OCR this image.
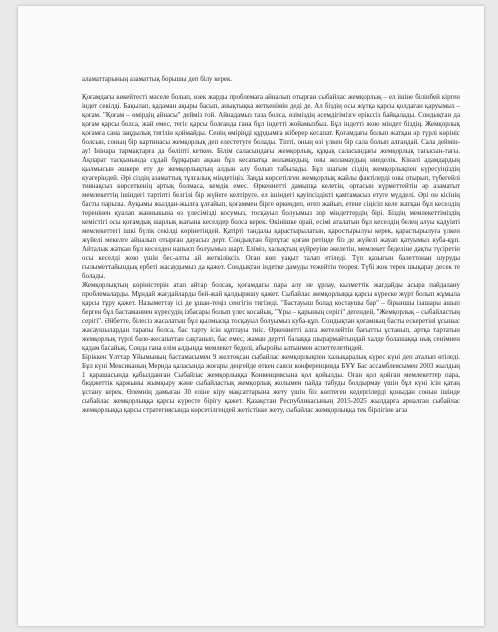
аламаттарының азаматтық борышы деп білу керек.

Қоғамдағы көкейтесті мәселе болып, өзек жарды проблемаға айналып отырған сыбайлас жемқорлық – ел ішіне білінбей кірген індет секілді. Бақылап, қадаман ақыры басып, анықтықка жеткенімін деді де. Ал біздің осы жұтқа қарсы қолдаған қаруымыз – қоғам. "Қоғам – өмірдің айнасы" дейміз гой. Айнадамыз таза болса, өзіміздің әсемдігімізге ерікссіз байқалады. Сондықтан да қоғам қарсы болса, жай емес, тегіс қарсы болғанда ғана бұл індетті жойамызбыз. Бұл індетті жою міндет біздің. Жемқорлық қоғамға сана заңдылық тигізін қоймайды. Сенің өміріңді құрдымға жіберер кесапат. Қоғамдағы болып жатқан әр түрлі көрініс болсын, соның бір картинасы жемқорлық деп елестетуге болады. Тіпті, оның өзі үлкен бір сала болып алғандай. Сала деймін-ау! Інінара тармақтарға да бөліпті кеткен. Білім саласындағы жемқорлық, құқық саласындағы жемқорлық тағысын-тағы. Ақпарат тасқынында сұдай бұрқырап ақкан бұл кесапатқа жоламаудың, оны жоламаудың ниеделік. Кінәлі адамдардың қылмысын әшкере ету де жемқорлықтың алдын алу болып табылады. Бұл шағым сіздің жемқорлықпен күресуіңіздің куәгеріндей. Әрі сіздің азаматтық тұлғалық міндетіңіз. Заңда көрсетілген жемқорлық жайлы фактілерді оны отырып, түбегейлі тиянақсыз көрсеткенің артық болмаса, кемдік емес. Өркениетті дамыпқа келетін, ортасын күрметтейтін әр азаматыт мемлекеттің ішіндегі тәртіпті белгілі бір жүйеге келтіруге, ел ішіндегі қауіпсіздікті қамтамасыз етуге мүдделі. Әрі он кісінің басты парызы. Ауқымы жылдан-жылға ұлғайып, қоғаммен бірге өркендеп, өтеп жайып, етене сіңісіп келе жатқан бұл кеселдің теренінен қуалап жанныкына өз үлесімізді косумыз, тосқауыл болуымыз зор міндеттердің бірі. Біздің мемлекеттіміздің кемістігі осы қоғамдық шарлық жағына кеселдер болса керек. Өкінішке орай, есімі аталатын бұл кеселдің белең алуы кадуіяті мемлекеттегі ішкі бүлік секілді көрінетіндей. Қатірті тандалы қарастырылатын, қаростырылуы керек, қарастырылуға үлкен жүйелі мекелге айналып отырған дауасыз дерт. Сондықтан біртұтас қоғам ретінде біз де жүйелі жауап қатуымыз куба-құп. Айталык жаткан бұл кеселден напысп болуымыз шарт. Еліміз, халықтың күйреуіне әкелетін, мемлекет беделіне дақты түсіретін осы кеселді жою үшін бес-алты ай жеткіліксіз. Оған көп уақыт талап етіледі. Түп қазығын балеттонан шуруды ғылыметтайындық ербеті жасаудымыз да қажет. Сондықтан індетке дамуды тежейтін теорея. Түбі жок терек шықарау десек те болады.

Жемқорлықтың көріністерін атап айтар болсақ, қоғамдағы пара алу не ұрлау, кызметтік жағдайды асыра пайдалану проблемаларды. Мұндай жағдайларды бей-жай қалдыржшу қажет. Сыбайлас жемқорлыққа қарсы күреске жүрт болып жұмыла қарсы тұру қажет. Назыметтау ісі де ұшан-теңіз сенгігін тигізеді. "Бастауыш болад костаушы бар" – бірыншы ізашары ашып берген бұл бастаманиен күресудің ізбасары болып үлес косайық. "Ұры – қарының серігі" дегендей, "Жемқорлық – сыбайластың серігі". Әйбетте, білесіз жасалатын бұл қылмысқа тосқауыл болуымыз куба-құп. Сондықтан қоғамның басты ескеретіні ұсыныс жасаушылардан тарапы болса, бас тарту ісін құптауы тиіс. Өркениетті алға жетелейтін бағытты ұстанып, артқа тартатын жемқорлық түрлі бәле-жесапаттан сақтанып, бас емес, жаман дертті балаққа шырармайтындай халде болашаққа нық сенімнен қадам басайық. Сонда ғана елім алдында мемлекет беделі, абыройы алтынмен әспеттелетіндей.

Біріккен Ұлттар Ұйымының бастамасымен 9 желтоқсан сыбайлас жемқорлықпен халықаралық күрес күні деп аталып өтіледі. Бұл күні Мексиканың Мерида қаласында жоғары деңгейде өткен саяси конференцияда БҰҰ Бас ассамблеясымен 2003 жылдың 1 қарашасында қабылданған Сыбайлас жемқорлыққа Конвенциясына қол қойылды. Оған қол қойған мемлекеттер пара, бюджеттік қаржыны жымқыру және сыбайластық жемқорлық жолымен пайда табуды болдырмау үшін бұл күні ісін қатаң ұстану керек. Өлемнің дамыған 30 еліне кіру мақсаттарына жету үшін біз көптеген кедергілерді қоныдан сонын ішінде сыбайлас жемқорлыққа қарсы күресте бірігу қажет. Қазақстан Республикасының 2015-2025 жылдарға арналған сыбайлас жемқорлыққа қарсы стратегиясында көрсетілгендей жетістікке жету, сыбайлас жемқорлыққа тек бірлігіне ағза
